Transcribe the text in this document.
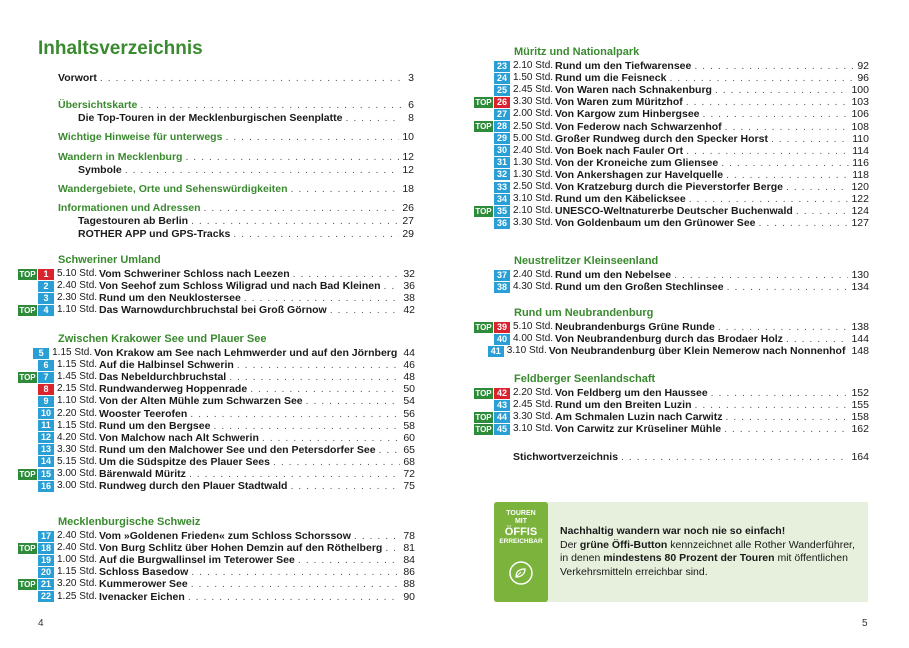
Inhaltsverzeichnis
Vorwort . . .	3
Übersichtskarte . . .	6
Die Top-Touren in der Mecklenburgischen Seenplatte . . .	8
Wichtige Hinweise für unterwegs . . .	10
Wandern in Mecklenburg . . .	12
Symbole . . .	12
Wandergebiete, Orte und Sehenswürdigkeiten . . .	18
Informationen und Adressen . . .	26
Tagestouren ab Berlin . . .	27
ROTHER APP und GPS-Tracks . . .	29
Schweriner Umland
TOP 1 5.10 Std. Vom Schweriner Schloss nach Leezen . . .	32
2 2.40 Std. Von Seehof zum Schloss Wiligrad und nach Bad Kleinen . . . 36
3 2.30 Std. Rund um den Neuklostersee . . .	38
TOP 4 1.10 Std. Das Warnowdurchbruchstal bei Groß Görnow . . .	42
Zwischen Krakower See und Plauer See
5 1.15 Std. Von Krakow am See nach Lehmwerder und auf den Jörnberg 44
6 1.15 Std. Auf die Halbinsel Schwerin . . .	46
TOP 7 1.45 Std. Das Nebeldurchbruchstal . . .	48
8 2.15 Std. Rundwanderweg Hoppenrade . . .	50
9 1.10 Std. Von der Alten Mühle zum Schwarzen See . . .	54
10 2.20 Std. Wooster Teerofen . . .	56
11 1.15 Std. Rund um den Bergsee . . .	58
12 4.20 Std. Von Malchow nach Alt Schwerin . . .	60
13 3.30 Std. Rund um den Malchower See und den Petersdorfer See . . .	65
14 5.15 Std. Um die Südspitze des Plauer Sees . . .	68
TOP 15 3.00 Std. Bärenwald Müritz . . .	72
16 3.00 Std. Rundweg durch den Plauer Stadtwald . . .	75
Mecklenburgische Schweiz
17 2.40 Std. Vom »Goldenen Frieden« zum Schloss Schorssow . . .	78
TOP 18 2.40 Std. Von Burg Schlitz über Hohen Demzin auf den Röthelberg . . . 81
19 1.00 Std. Auf die Burgwallinsel im Teterower See . . .	84
20 1.15 Std. Schloss Basedow . . .	86
TOP 21 3.20 Std. Kummerower See . . .	88
22 1.25 Std. Ivenacker Eichen . . .	90
Müritz und Nationalpark
23 2.10 Std. Rund um den Tiefwarensee . . .	92
24 1.50 Std. Rund um die Feisneck . . .	96
25 2.45 Std. Von Waren nach Schnakenburg . . .	100
TOP 26 3.30 Std. Von Waren zum Müritzhof . . .	103
27 2.00 Std. Von Kargow zum Hinbergsee . . .	106
TOP 28 2.50 Std. Von Federow nach Schwarzenhof . . .	108
29 5.00 Std. Großer Rundweg durch den Specker Horst . . .	110
30 2.40 Std. Von Boek nach Fauler Ort . . .	114
31 1.30 Std. Von der Kroneiche zum Gliensee . . .	116
32 1.30 Std. Von Ankershagen zur Havelquelle . . .	118
33 2.50 Std. Von Kratzeburg durch die Pieverstorfer Berge . . .	120
34 3.10 Std. Rund um den Käbelicksee . . .	122
TOP 35 2.10 Std. UNESCO-Weltnaturerbe Deutscher Buchenwald . . .	124
36 3.30 Std. Von Goldenbaum um den Grünower See . . .	127
Neustrelitzer Kleinseenland
37 2.40 Std. Rund um den Nebelsee . . .	130
38 4.30 Std. Rund um den Großen Stechlinsee . . .	134
Rund um Neubrandenburg
TOP 39 5.10 Std. Neubrandenburgs Grüne Runde . . .	138
40 4.00 Std. Von Neubrandenburg durch das Brodaer Holz . . .	144
41 3.10 Std. Von Neubrandenburg über Klein Nemerow nach Nonnenhof 148
Feldberger Seenlandschaft
TOP 42 2.20 Std. Von Feldberg um den Haussee . . .	152
43 2.45 Std. Rund um den Breiten Luzin . . .	155
TOP 44 3.30 Std. Am Schmalen Luzin nach Carwitz . . .	158
TOP 45 3.10 Std. Von Carwitz zur Krüseliner Mühle . . .	162
Stichwortverzeichnis . . .	164
TOUREN
MIT
ÖFFIS
ERREICHBAR
Nachhaltig wandern war noch nie so einfach!
Der grüne Öffi-Button kennzeichnet alle Rother Wanderführer, in denen mindestens 80 Prozent der Touren mit öffentlichen Verkehrsmitteln erreichbar sind.
4	5
